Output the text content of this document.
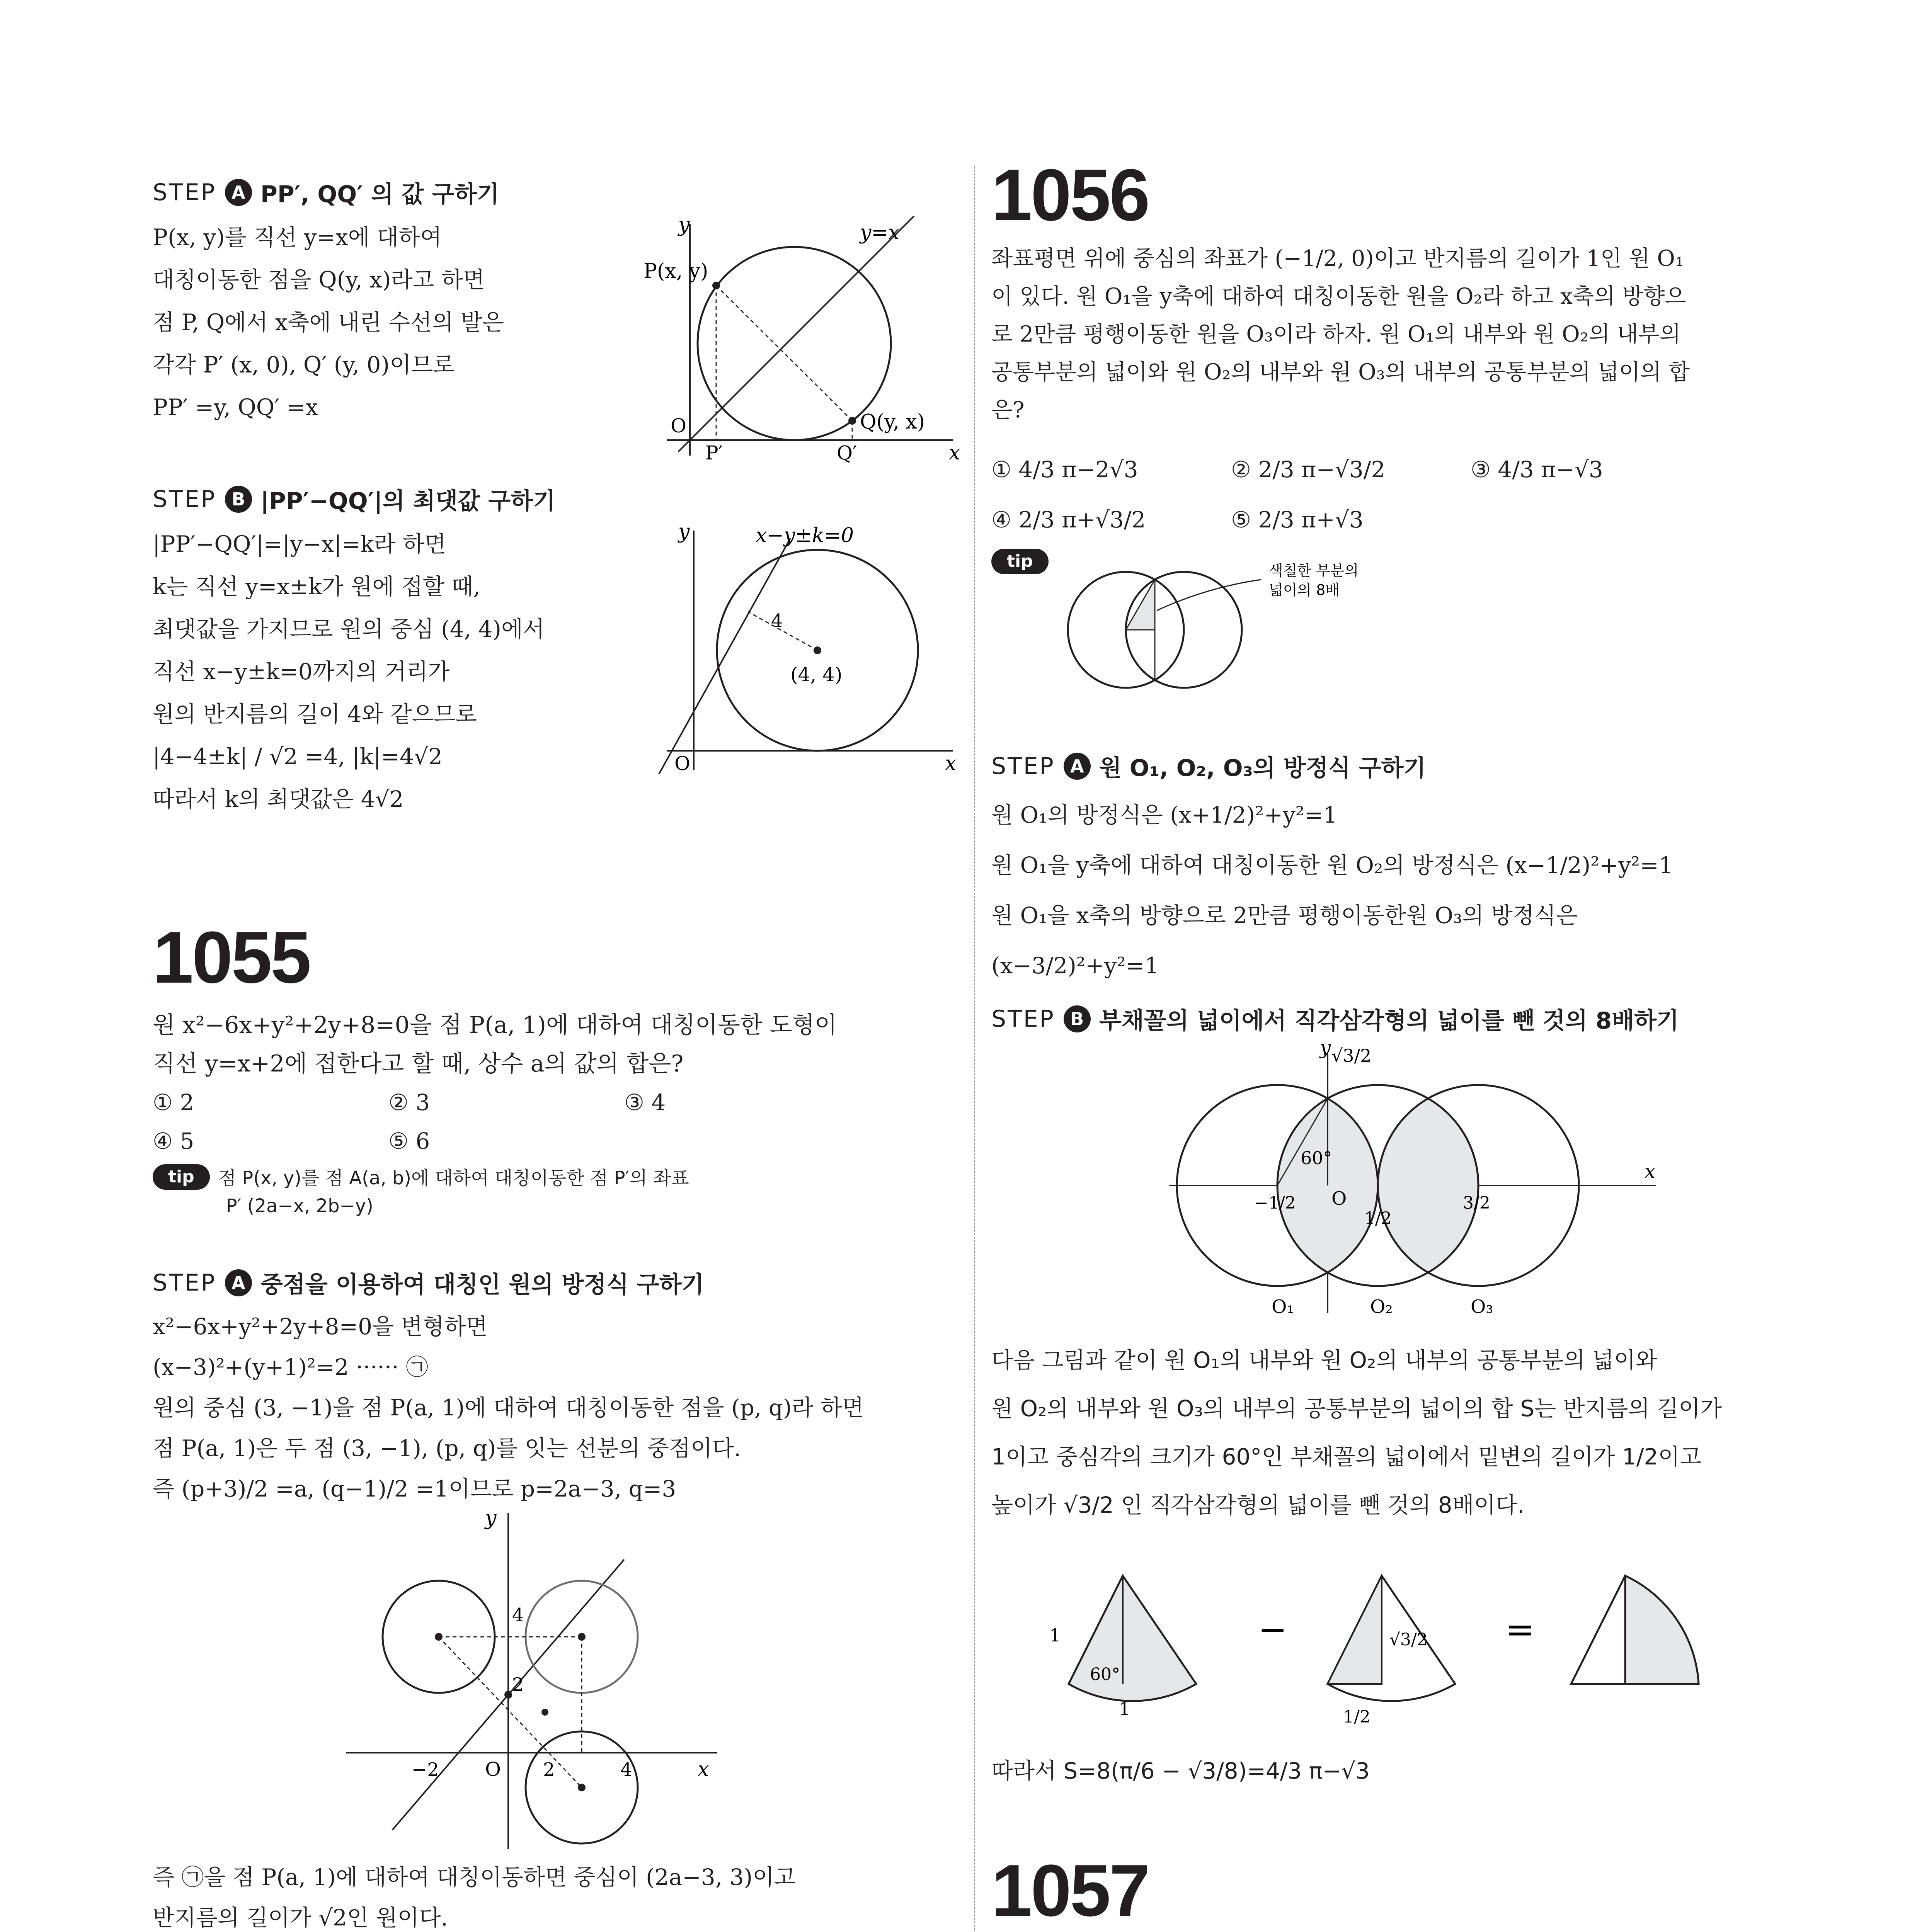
STEP A PP′, QQ′ 의 값 구하기

P(x, y)를 직선 y=x에 대하여

대칭이동한 점을 Q(y, x)라고 하면

점 P, Q에서 x축에 내린 수선의 발은

각각 P′ (x, 0), Q′ (y, 0)이므로

PP′ =y, QQ′ =x

y
x
y=x
P(x, y)
Q(y, x)
O
P′	Q′
STEP B |PP′−QQ′|의 최댓값 구하기

|PP′−QQ′|=|y−x|=k라 하면

k는 직선 y=x±k가 원에 접할 때,

최댓값을 가지므로 원의 중심 (4, 4)에서

직선 x−y±k=0까지의 거리가

원의 반지름의 길이 4와 같으므로

|4−4±k| / √2 =4, |k|=4√2

따라서 k의 최댓값은 4√2

y
x
x−y±k=0
4
(4, 4)
O

1055

원 x²−6x+y²+2y+8=0을 점 P(a, 1)에 대하여 대칭이동한 도형이

직선 y=x+2에 접한다고 할 때, 상수 a의 값의 합은?

① 2	② 3	③ 4
④ 5	⑤ 6
tip	점 P(x, y)를 점 A(a, b)에 대하여 대칭이동한 점 P′의 좌표
P′ (2a−x, 2b−y)
STEP A 중점을 이용하여 대칭인 원의 방정식 구하기

x²−6x+y²+2y+8=0을 변형하면

(x−3)²+(y+1)²=2 ······ ㉠

원의 중심 (3, −1)을 점 P(a, 1)에 대하여 대칭이동한 점을 (p, q)라 하면

점 P(a, 1)은 두 점 (3, −1), (p, q)를 잇는 선분의 중점이다.

즉 (p+3)/2 =a, (q−1)/2 =1이므로 p=2a−3, q=3

y
x
O
4
2
−2	2	4

즉 ㉠을 점 P(a, 1)에 대하여 대칭이동하면 중심이 (2a−3, 3)이고

반지름의 길이가 √2인 원이다.

1056

좌표평면 위에 중심의 좌표가 (−1/2, 0)이고 반지름의 길이가 1인 원 O₁

이 있다. 원 O₁을 y축에 대하여 대칭이동한 원을 O₂라 하고 x축의 방향으

로 2만큼 평행이동한 원을 O₃이라 하자. 원 O₁의 내부와 원 O₂의 내부의

공통부분의 넓이와 원 O₂의 내부와 원 O₃의 내부의 공통부분의 넓이의 합

은?

① 4/3 π−2√3	② 2/3 π−√3/2	③ 4/3 π−√3
④ 2/3 π+√3/2	⑤ 2/3 π+√3
tip	색칠한 부분의
넓이의 8배
STEP A 원 O₁, O₂, O₃의 방정식 구하기

원 O₁의 방정식은 (x+1/2)²+y²=1

원 O₁을 y축에 대하여 대칭이동한 원 O₂의 방정식은 (x−1/2)²+y²=1

원 O₁을 x축의 방향으로 2만큼 평행이동한원 O₃의 방정식은

(x−3/2)²+y²=1

STEP B 부채꼴의 넓이에서 직각삼각형의 넓이를 뺀 것의 8배하기
y
x
√3/2
60°
O
−1/2
1/2
3/2
O₁	O₂	O₃

다음 그림과 같이 원 O₁의 내부와 원 O₂의 내부의 공통부분의 넓이와

원 O₂의 내부와 원 O₃의 내부의 공통부분의 넓이의 합 S는 반지름의 길이가

1이고 중심각의 크기가 60°인 부채꼴의 넓이에서 밑변의 길이가 1/2이고

높이가 √3/2 인 직각삼각형의 넓이를 뺀 것의 8배이다.

1
60°
1
−	√3/2
1/2
=

따라서 S=8(π/6 − √3/8)=4/3 π−√3

1057
